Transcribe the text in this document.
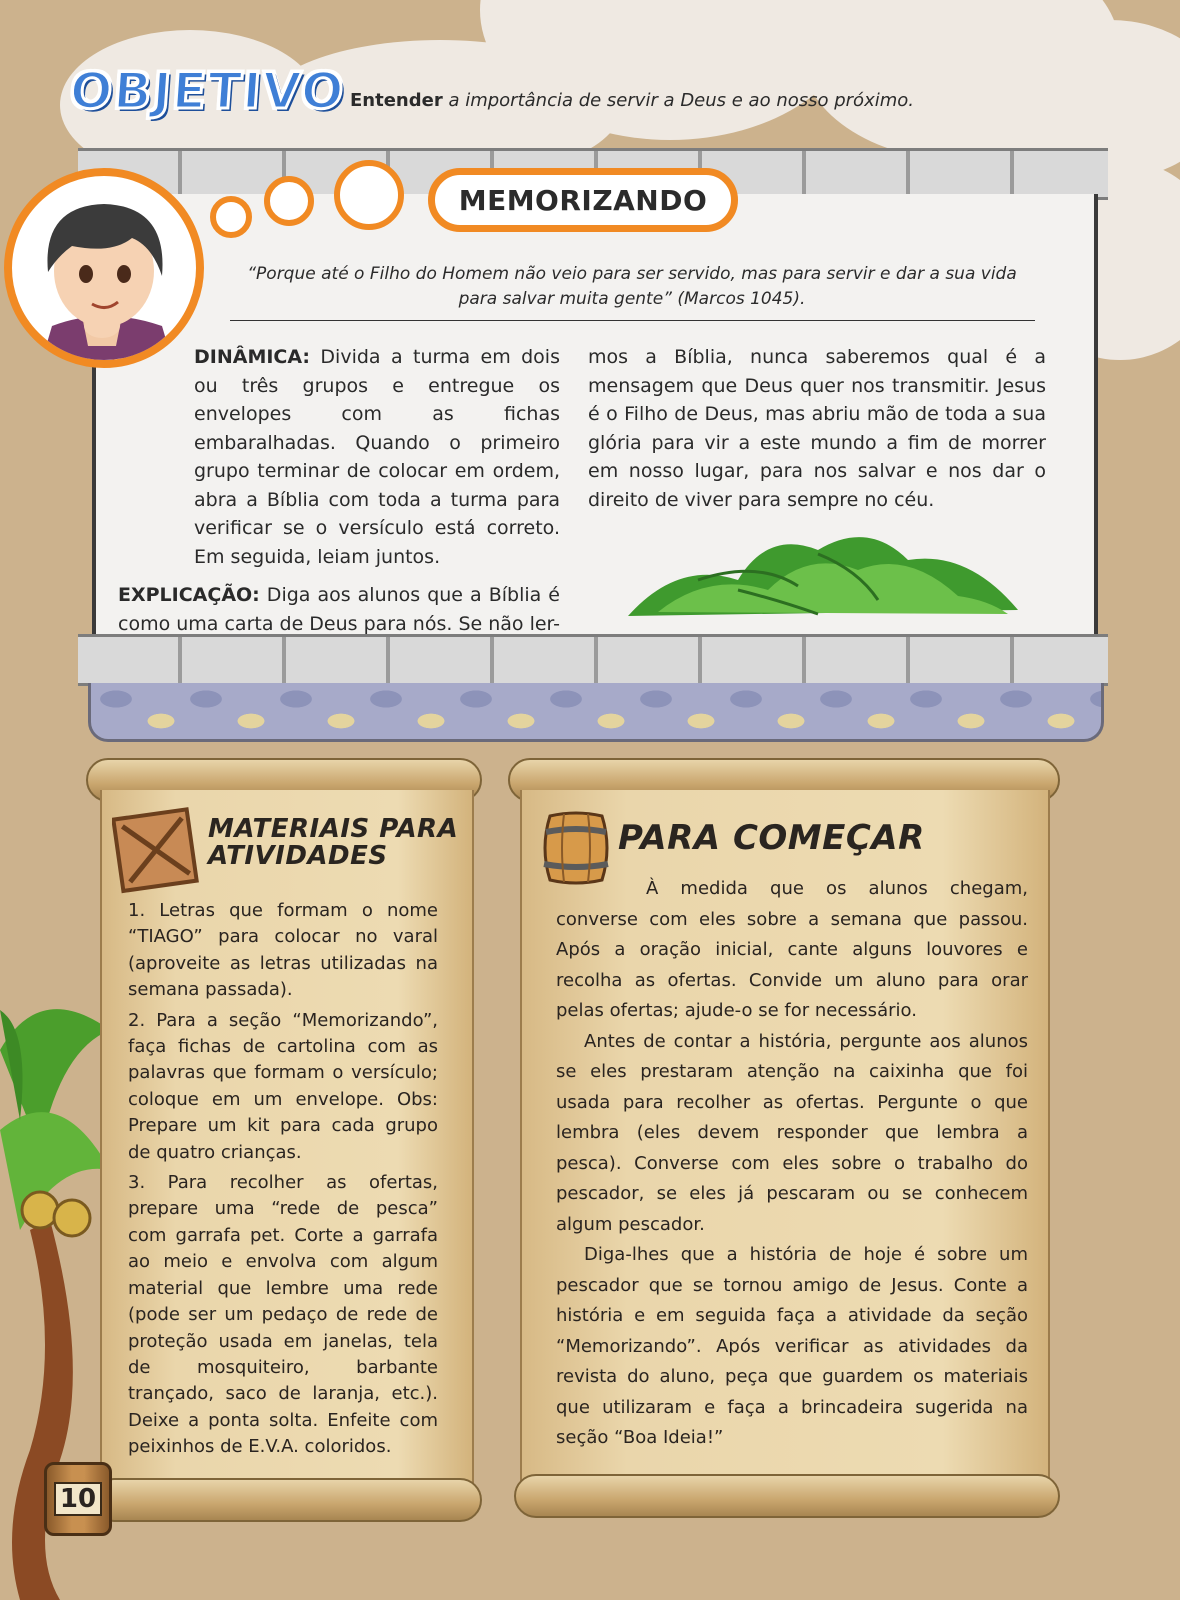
OBJETIVO Entender a importância de servir a Deus e ao nosso próximo.
MEMORIZANDO
“Porque até o Filho do Homem não veio para ser servido, mas para servir e dar a sua vida para salvar muita gente” (Marcos 1045).
DINÂMICA: Divida a turma em dois ou três grupos e entregue os envelopes com as fichas embaralhadas. Quando o primeiro grupo terminar de colocar em ordem, abra a Bíblia com toda a turma para verificar se o versículo está correto. Em seguida, leiam juntos.
EXPLICAÇÃO: Diga aos alunos que a Bíblia é como uma carta de Deus para nós. Se não ler-
mos a Bíblia, nunca saberemos qual é a mensagem que Deus quer nos transmitir. Jesus é o Filho de Deus, mas abriu mão de toda a sua glória para vir a este mundo a fim de morrer em nosso lugar, para nos salvar e nos dar o direito de viver para sempre no céu.
MATERIAIS PARA
ATIVIDADES

1. Letras que formam o nome “TIAGO” para colocar no varal (aproveite as letras utilizadas na semana passada).

2. Para a seção “Memorizando”, faça fichas de cartolina com as palavras que formam o versículo; coloque em um envelope. Obs: Prepare um kit para cada grupo de quatro crianças.

3. Para recolher as ofertas, prepare uma “rede de pesca” com garrafa pet. Corte a garrafa ao meio e envolva com algum material que lembre uma rede (pode ser um pedaço de rede de proteção usada em janelas, tela de mosquiteiro, barbante trançado, saco de laranja, etc.). Deixe a ponta solta. Enfeite com peixinhos de E.V.A. coloridos.

PARA COMEÇAR

À medida que os alunos chegam, converse com eles sobre a semana que passou. Após a oração inicial, cante alguns louvores e recolha as ofertas. Convide um aluno para orar pelas ofertas; ajude-o se for necessário.

Antes de contar a história, pergunte aos alunos se eles prestaram atenção na caixinha que foi usada para recolher as ofertas. Pergunte o que lembra (eles devem responder que lembra a pesca). Converse com eles sobre o trabalho do pescador, se eles já pescaram ou se conhecem algum pescador.

Diga-lhes que a história de hoje é sobre um pescador que se tornou amigo de Jesus. Conte a história e em seguida faça a atividade da seção “Memorizando”. Após verificar as atividades da revista do aluno, peça que guardem os materiais que utilizaram e faça a brincadeira sugerida na seção “Boa Ideia!”

10
